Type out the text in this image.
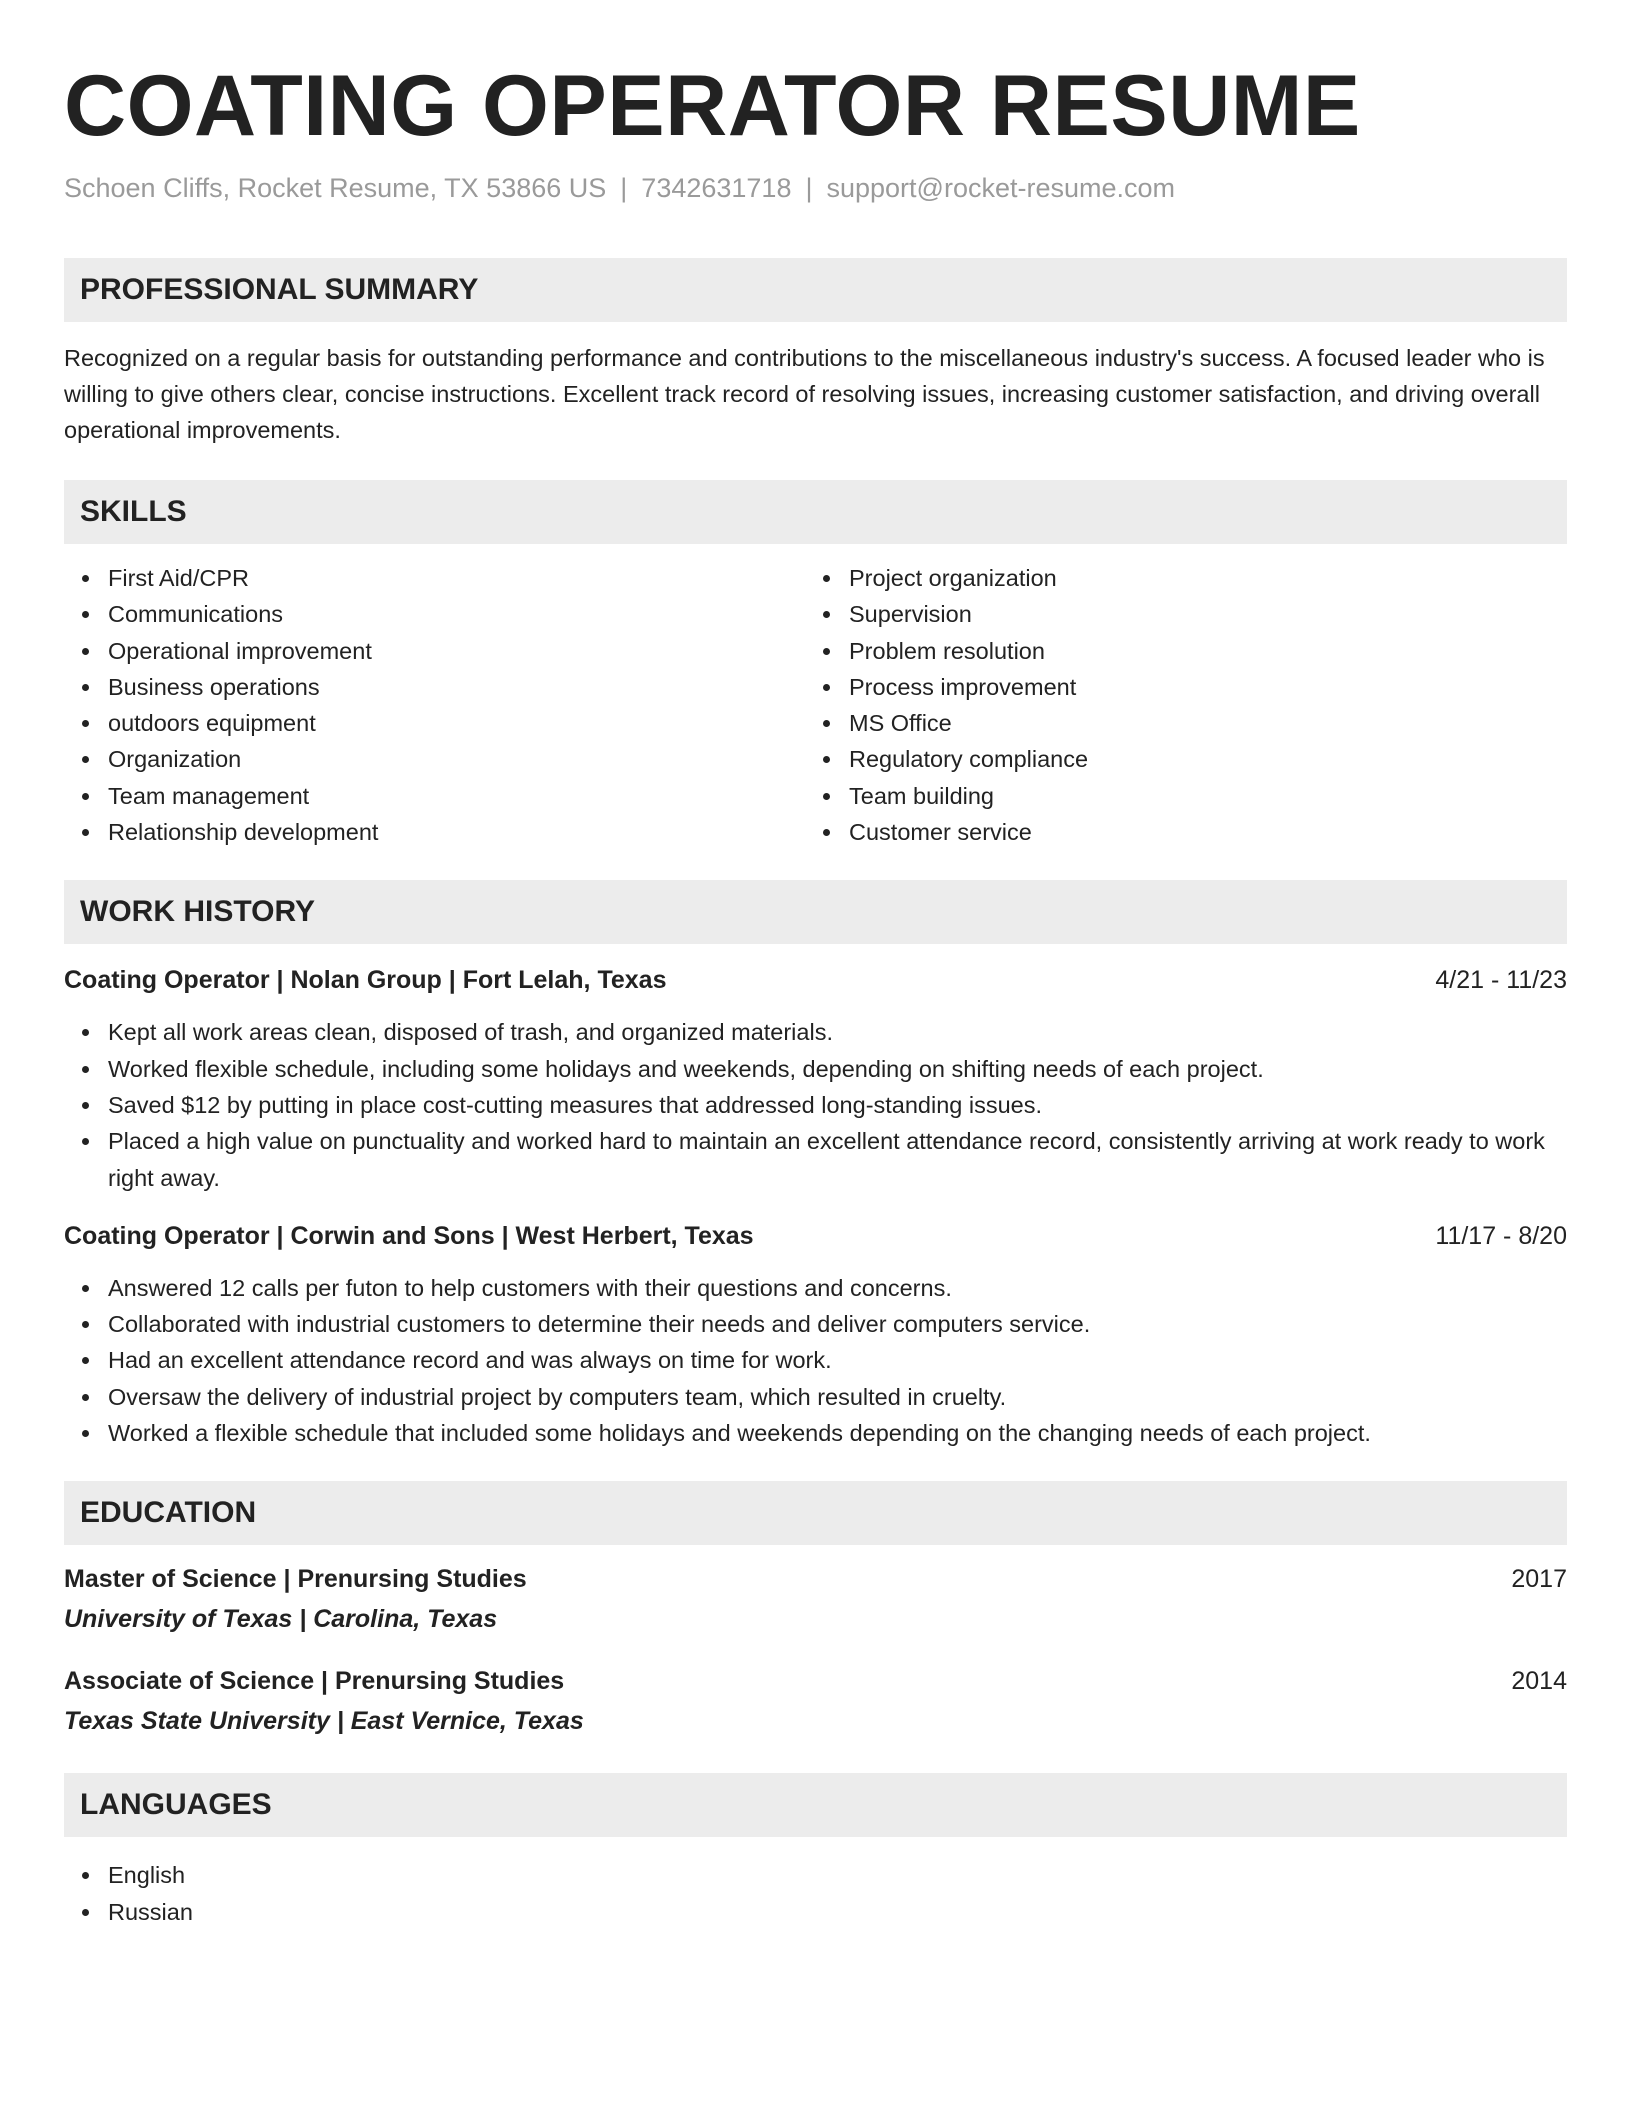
COATING OPERATOR RESUME
Schoen Cliffs, Rocket Resume, TX 53866 US | 7342631718 | support@rocket-resume.com
PROFESSIONAL SUMMARY

Recognized on a regular basis for outstanding performance and contributions to the miscellaneous industry's success. A focused leader who is willing to give others clear, concise instructions. Excellent track record of resolving issues, increasing customer satisfaction, and driving overall operational improvements.

SKILLS
First Aid/CPR
Communications
Operational improvement
Business operations
outdoors equipment
Organization
Team management
Relationship development
Project organization
Supervision
Problem resolution
Process improvement
MS Office
Regulatory compliance
Team building
Customer service
WORK HISTORY
Coating Operator | Nolan Group | Fort Lelah, Texas	4/21 - 11/23
Kept all work areas clean, disposed of trash, and organized materials.
Worked flexible schedule, including some holidays and weekends, depending on shifting needs of each project.
Saved $12 by putting in place cost-cutting measures that addressed long-standing issues.
Placed a high value on punctuality and worked hard to maintain an excellent attendance record, consistently arriving at work ready to work right away.
Coating Operator | Corwin and Sons | West Herbert, Texas	11/17 - 8/20
Answered 12 calls per futon to help customers with their questions and concerns.
Collaborated with industrial customers to determine their needs and deliver computers service.
Had an excellent attendance record and was always on time for work.
Oversaw the delivery of industrial project by computers team, which resulted in cruelty.
Worked a flexible schedule that included some holidays and weekends depending on the changing needs of each project.
EDUCATION
Master of Science | Prenursing Studies	2017
University of Texas | Carolina, Texas
Associate of Science | Prenursing Studies	2014
Texas State University | East Vernice, Texas
LANGUAGES
English
Russian
